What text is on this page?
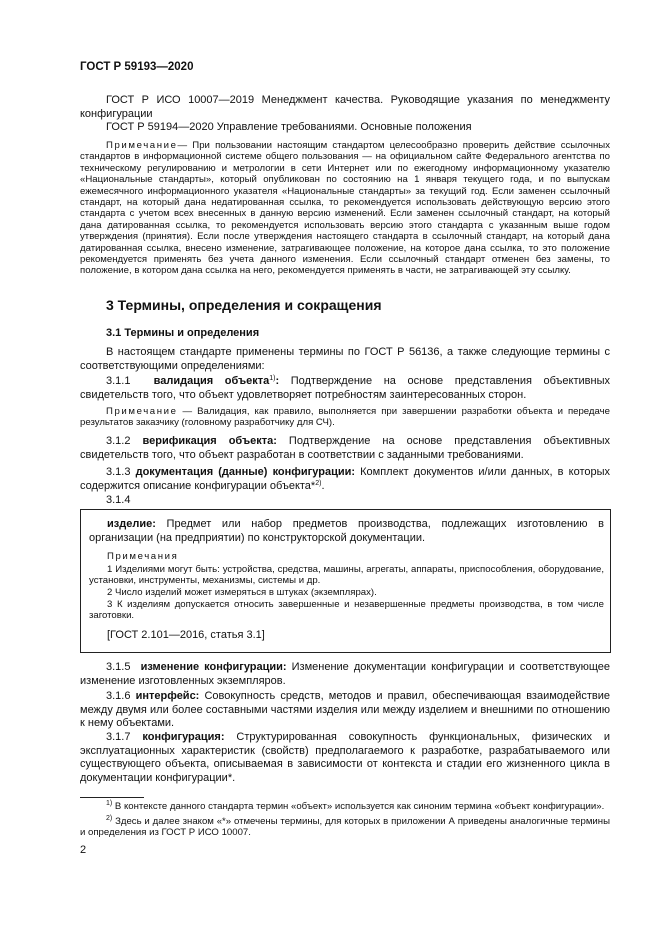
ГОСТ Р 59193—2020

ГОСТ Р ИСО 10007—2019 Менеджмент качества. Руководящие указания по менеджменту конфигурации

ГОСТ Р 59194—2020 Управление требованиями. Основные положения

Примечание— При пользовании настоящим стандартом целесообразно проверить действие ссылочных стандартов в информационной системе общего пользования — на официальном сайте Федерального агентства по техническому регулированию и метрологии в сети Интернет или по ежегодному информационному указателю «Национальные стандарты», который опубликован по состоянию на 1 января текущего года, и по выпускам ежемесячного информационного указателя «Национальные стандарты» за текущий год. Если заменен ссылочный стандарт, на который дана недатированная ссылка, то рекомендуется использовать действующую версию этого стандарта с учетом всех внесенных в данную версию изменений. Если заменен ссылочный стандарт, на который дана датированная ссылка, то рекомендуется использовать версию этого стандарта с указанным выше годом утверждения (принятия). Если после утверждения настоящего стандарта в ссылочный стандарт, на который дана датированная ссылка, внесено изменение, затрагивающее положение, на которое дана ссылка, то это положение рекомендуется применять без учета данного изменения. Если ссылочный стандарт отменен без замены, то положение, в котором дана ссылка на него, рекомендуется применять в части, не затрагивающей эту ссылку.

3 Термины, определения и сокращения
3.1 Термины и определения

В настоящем стандарте применены термины по ГОСТ Р 56136, а также следующие термины с соответствующими определениями:

3.1.1 валидация объекта$^{1)}$: Подтверждение на основе представления объективных свидетельств того, что объект удовлетворяет потребностям заинтересованных сторон.

Примечание — Валидация, как правило, выполняется при завершении разработки объекта и передаче результатов заказчику (головному разработчику для СЧ).

3.1.2 верификация объекта: Подтверждение на основе представления объективных свидетельств того, что объект разработан в соответствии с заданными требованиями.

3.1.3 документация (данные) конфигурации: Комплект документов и/или данных, в которых содержится описание конфигурации объекта*$^{2)}$.

3.1.4

изделие: Предмет или набор предметов производства, подлежащих изготовлению в организации (на предприятии) по конструкторской документации.

Примечания

1 Изделиями могут быть: устройства, средства, машины, агрегаты, аппараты, приспособления, оборудование, установки, инструменты, механизмы, системы и др.

2 Число изделий может измеряться в штуках (экземплярах).

3 К изделиям допускается относить завершенные и незавершенные предметы производства, в том числе заготовки.

[ГОСТ 2.101—2016, статья 3.1]

3.1.5 изменение конфигурации: Изменение документации конфигурации и соответствующее изменение изготовленных экземпляров.

3.1.6 интерфейс: Совокупность средств, методов и правил, обеспечивающая взаимодействие между двумя или более составными частями изделия или между изделием и внешними по отношению к нему объектами.

3.1.7 конфигурация: Структурированная совокупность функциональных, физических и эксплуатационных характеристик (свойств) предполагаемого к разработке, разрабатываемого или существующего объекта, описываемая в зависимости от контекста и стадии его жизненного цикла в документации конфигурации*.

$^{1)}$ В контексте данного стандарта термин «объект» используется как синоним термина «объект конфигурации».

$^{2)}$ Здесь и далее знаком «*» отмечены термины, для которых в приложении А приведены аналогичные термины и определения из ГОСТ Р ИСО 10007.

2
